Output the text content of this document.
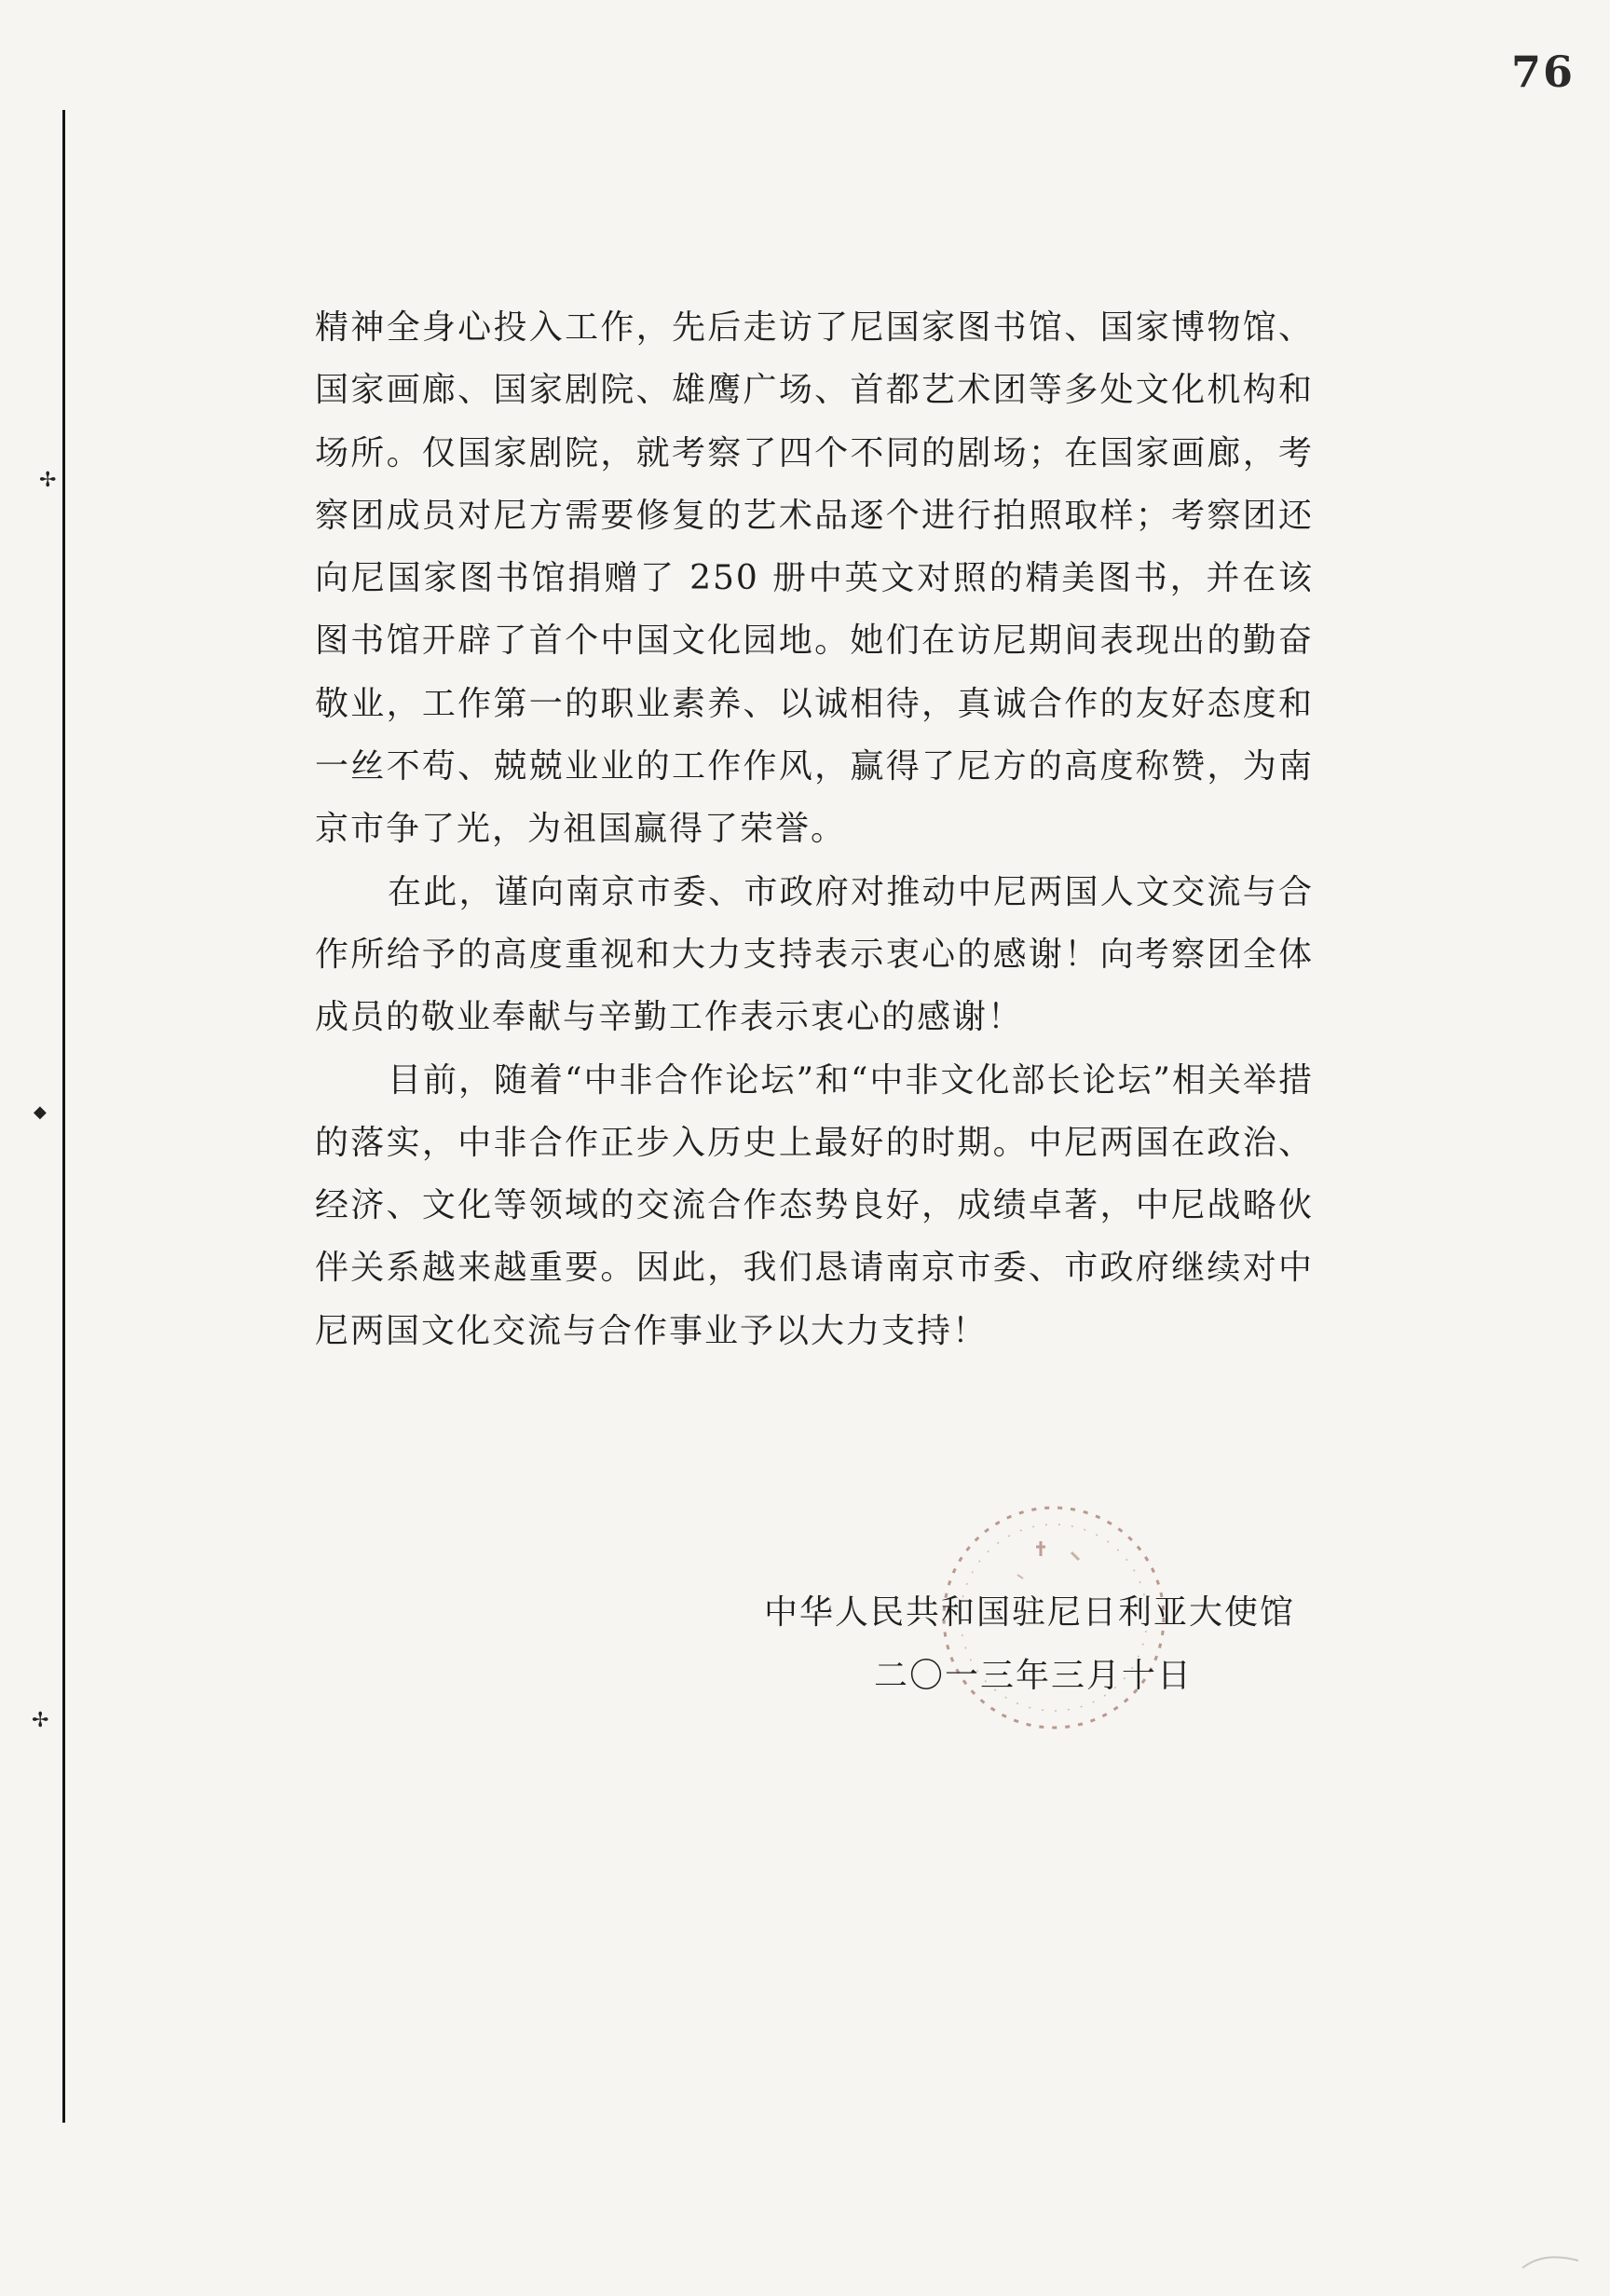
76
✢
◆
✢

精神全身心投入工作，先后走访了尼国家图书馆、国家博物馆、国家画廊、国家剧院、雄鹰广场、首都艺术团等多处文化机构和场所。仅国家剧院，就考察了四个不同的剧场；在国家画廊，考察团成员对尼方需要修复的艺术品逐个进行拍照取样；考察团还向尼国家图书馆捐赠了 250 册中英文对照的精美图书，并在该图书馆开辟了首个中国文化园地。她们在访尼期间表现出的勤奋敬业，工作第一的职业素养、以诚相待，真诚合作的友好态度和一丝不苟、兢兢业业的工作作风，赢得了尼方的高度称赞，为南京市争了光，为祖国赢得了荣誉。

在此，谨向南京市委、市政府对推动中尼两国人文交流与合作所给予的高度重视和大力支持表示衷心的感谢！向考察团全体成员的敬业奉献与辛勤工作表示衷心的感谢！

目前，随着“中非合作论坛”和“中非文化部长论坛”相关举措的落实，中非合作正步入历史上最好的时期。中尼两国在政治、经济、文化等领域的交流合作态势良好，成绩卓著，中尼战略伙伴关系越来越重要。因此，我们恳请南京市委、市政府继续对中尼两国文化交流与合作事业予以大力支持！

中华人民共和国驻尼日利亚大使馆
二〇一三年三月十日
